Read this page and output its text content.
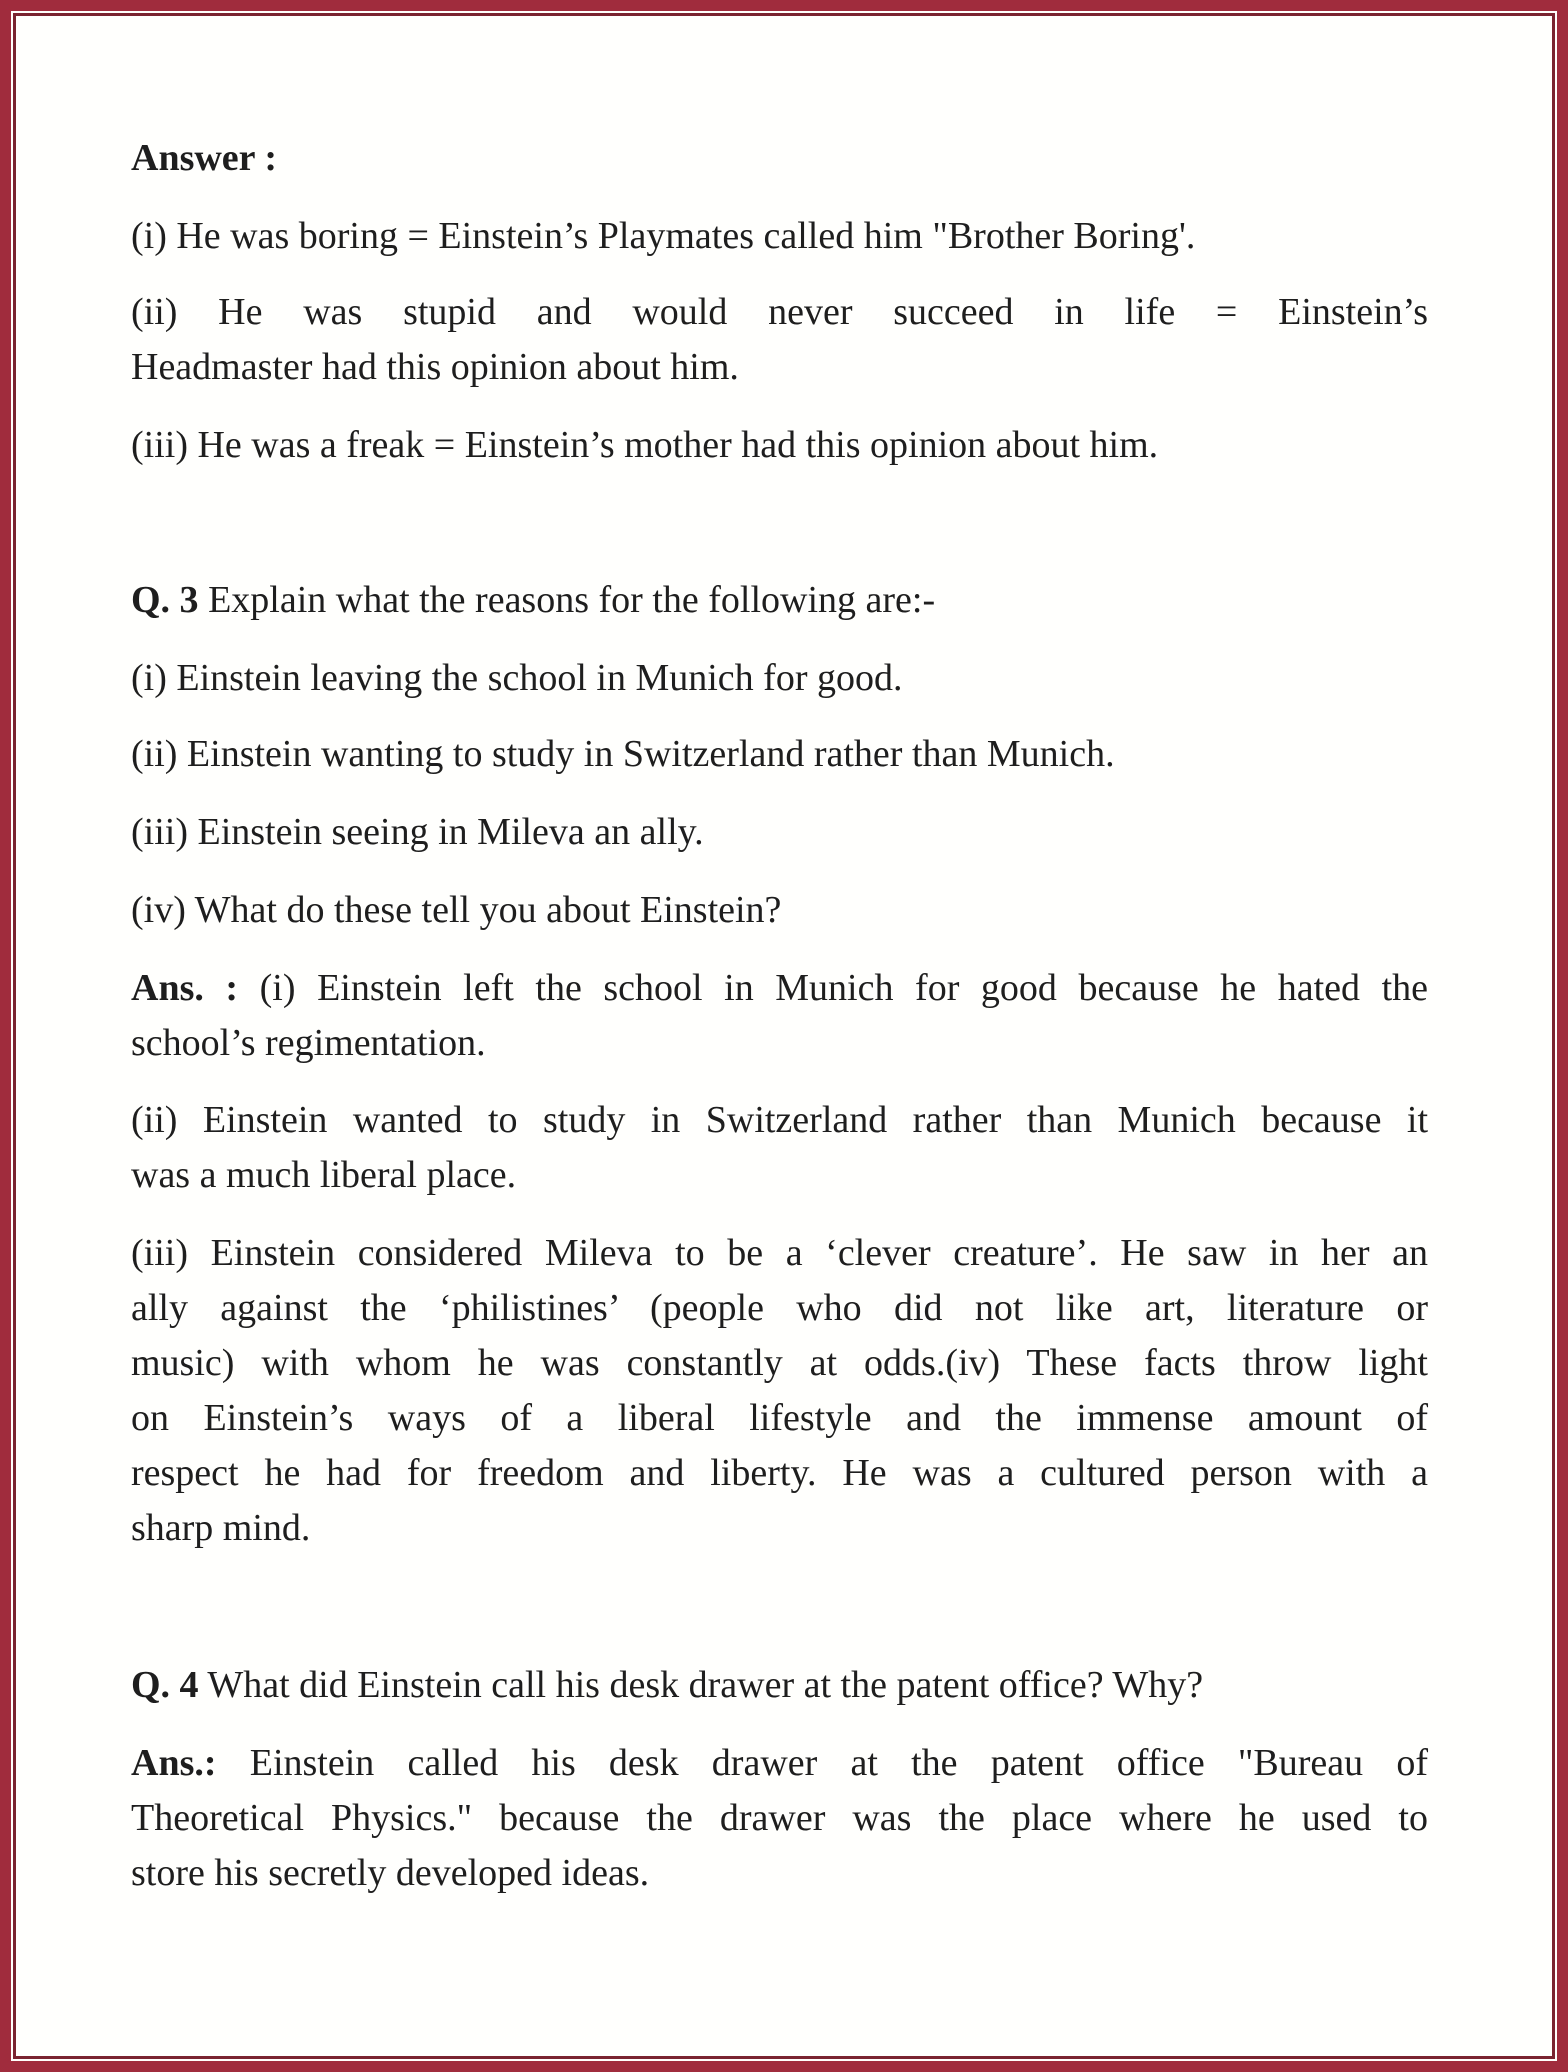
Answer :
(i) He was boring = Einstein’s Playmates called him "Brother Boring'.
(ii) He was stupid and would never succeed in life = Einstein’s
Headmaster had this opinion about him.
(iii) He was a freak = Einstein’s mother had this opinion about him.
Q. 3 Explain what the reasons for the following are:-
(i) Einstein leaving the school in Munich for good.
(ii) Einstein wanting to study in Switzerland rather than Munich.
(iii) Einstein seeing in Mileva an ally.
(iv) What do these tell you about Einstein?
Ans. : (i) Einstein left the school in Munich for good because he hated the
school’s regimentation.
(ii) Einstein wanted to study in Switzerland rather than Munich because it
was a much liberal place.
(iii) Einstein considered Mileva to be a ‘clever creature’. He saw in her an
ally against the ‘philistines’ (people who did not like art, literature or
music) with whom he was constantly at odds.(iv) These facts throw light
on Einstein’s ways of a liberal lifestyle and the immense amount of
respect he had for freedom and liberty. He was a cultured person with a
sharp mind.
Q. 4 What did Einstein call his desk drawer at the patent office? Why?
Ans.: Einstein called his desk drawer at the patent office "Bureau of
Theoretical Physics." because the drawer was the place where he used to
store his secretly developed ideas.
